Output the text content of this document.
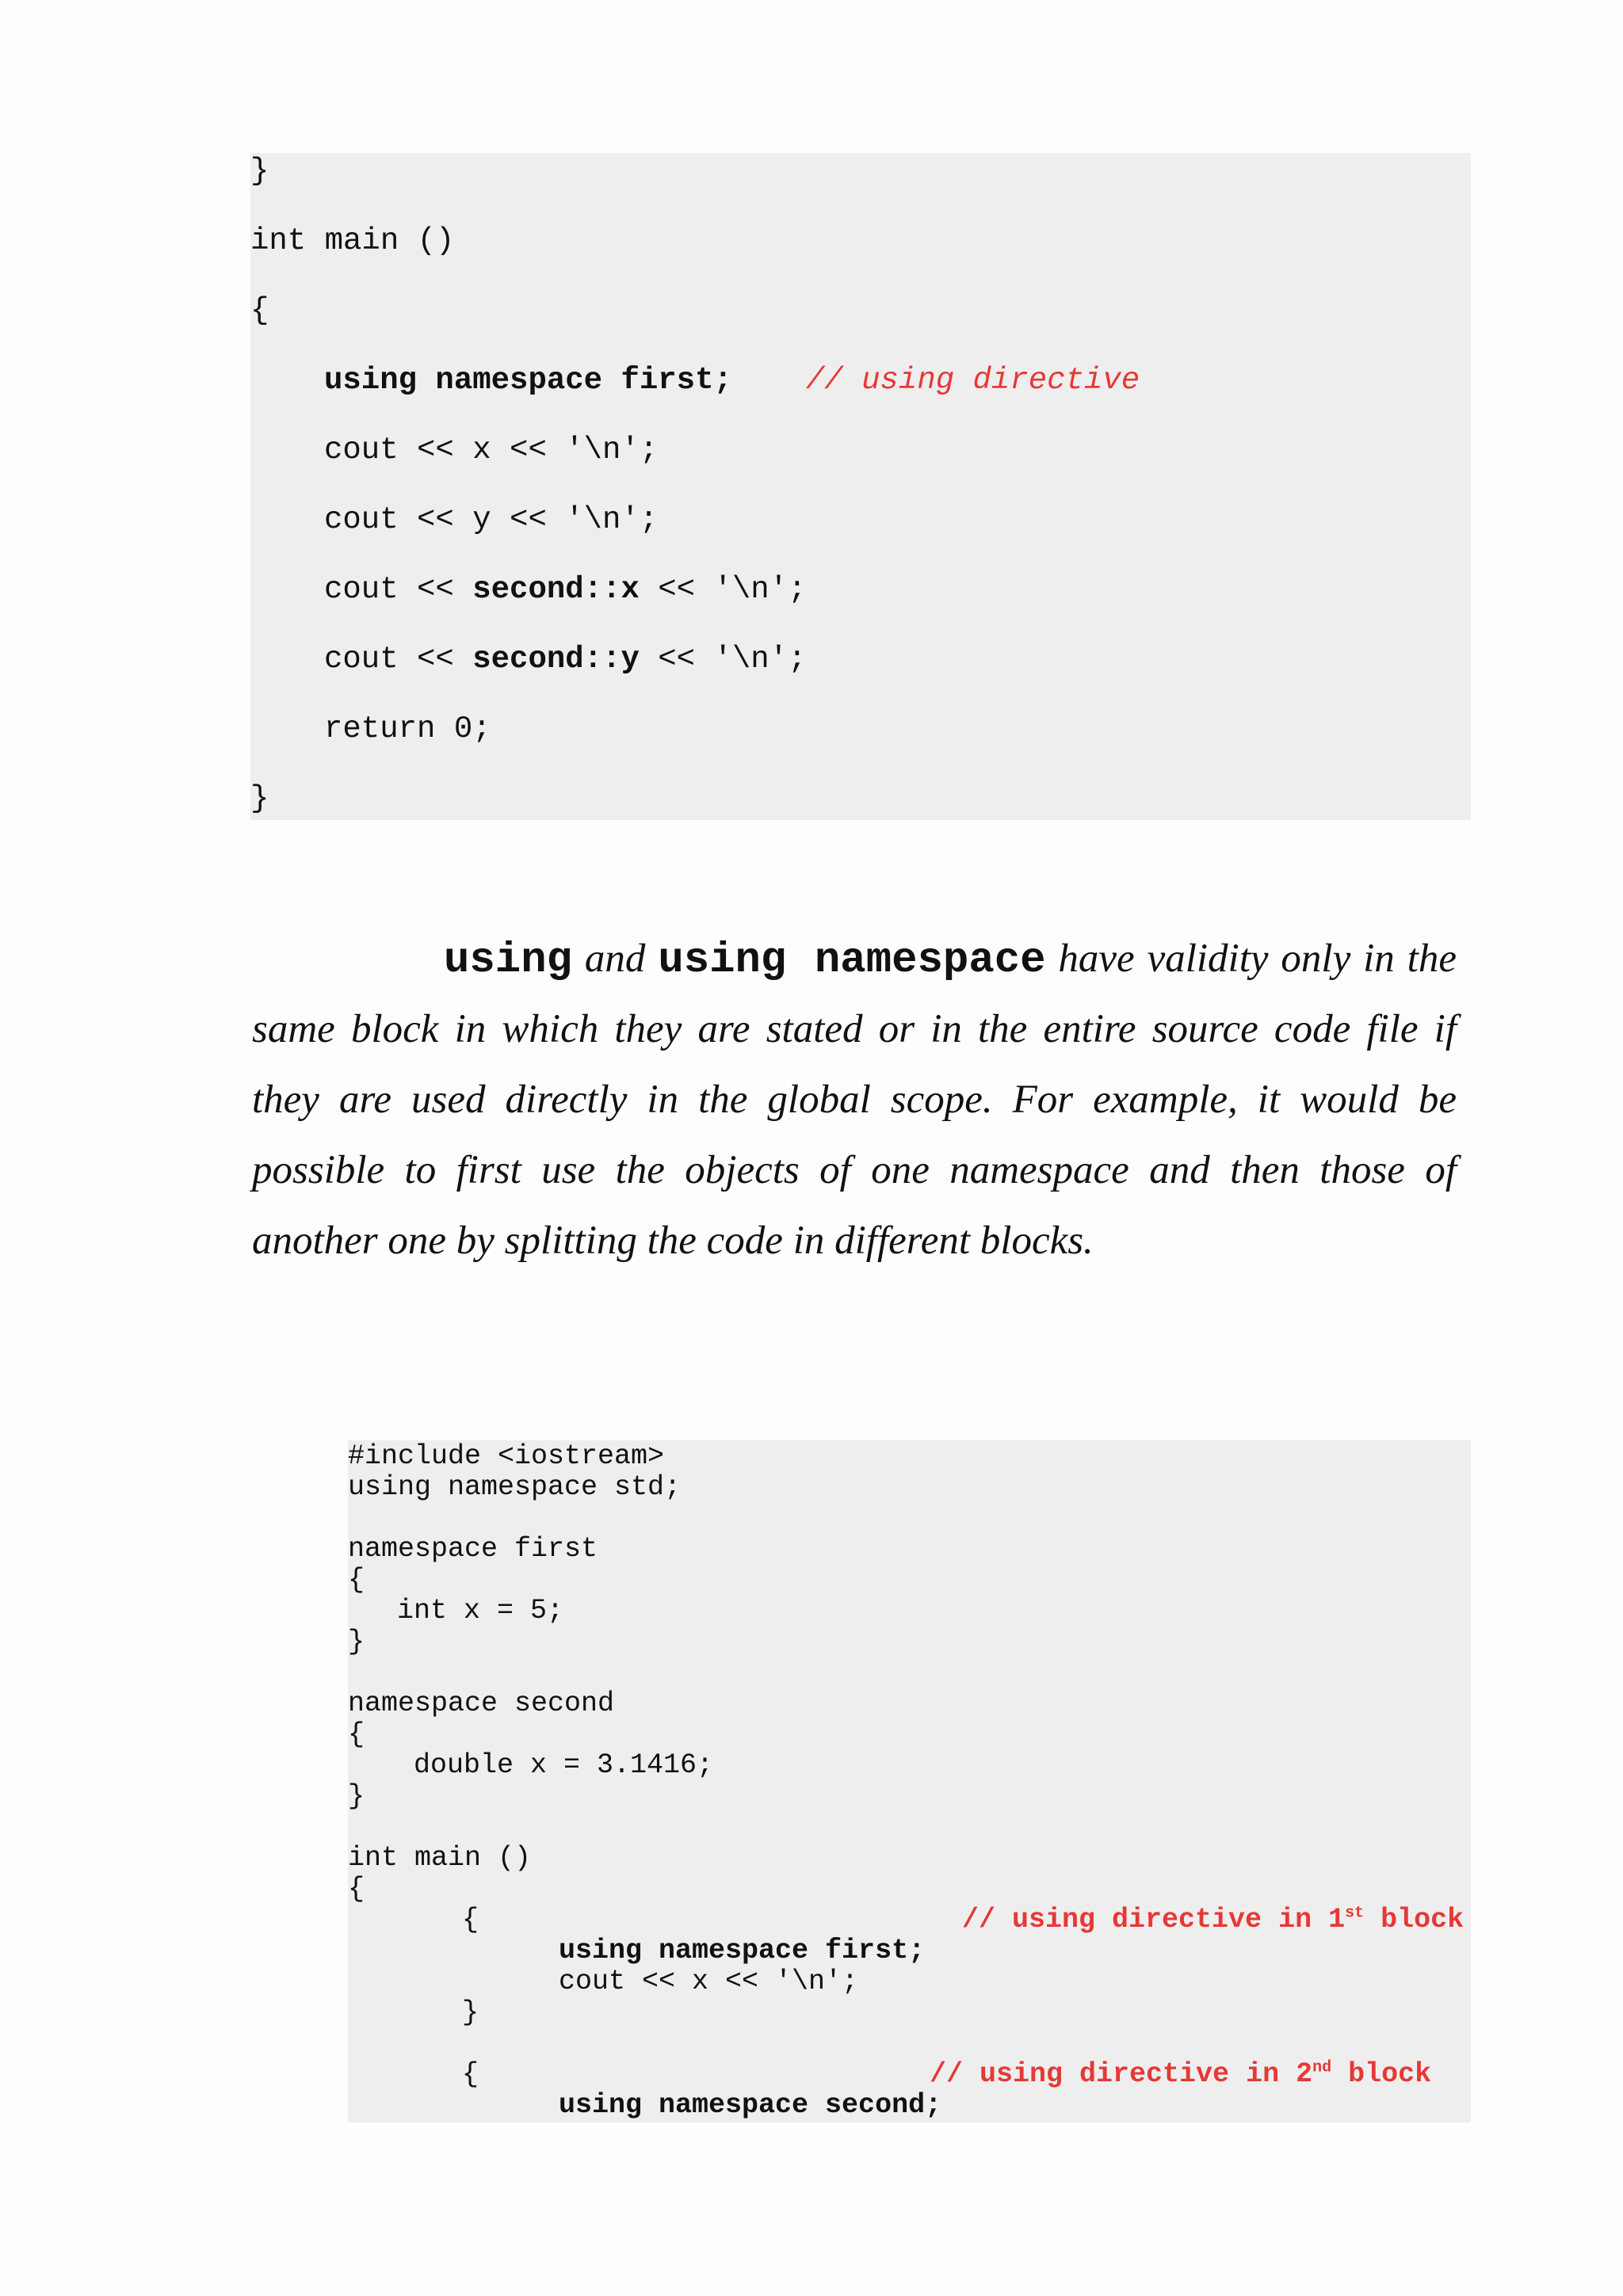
}
int main ()
{
using namespace first; // using directive
cout << x << '\n';
cout << y << '\n';
cout << second::x << '\n';
cout << second::y << '\n';
return 0;
}
using and using namespace have validity only in the
same block in which they are stated or in the entire source code file if
they are used directly in the global scope. For example, it would be
possible to first use the objects of one namespace and then those of
another one by splitting the code in different blocks.
#include <iostream>
using namespace std;
namespace first
{
int x = 5;
}
namespace second
{
double x = 3.1416;
}
int main ()
{
{	// using directive in 1st block
using namespace first;
cout << x << '\n';
}
{	// using directive in 2nd block
using namespace second;
